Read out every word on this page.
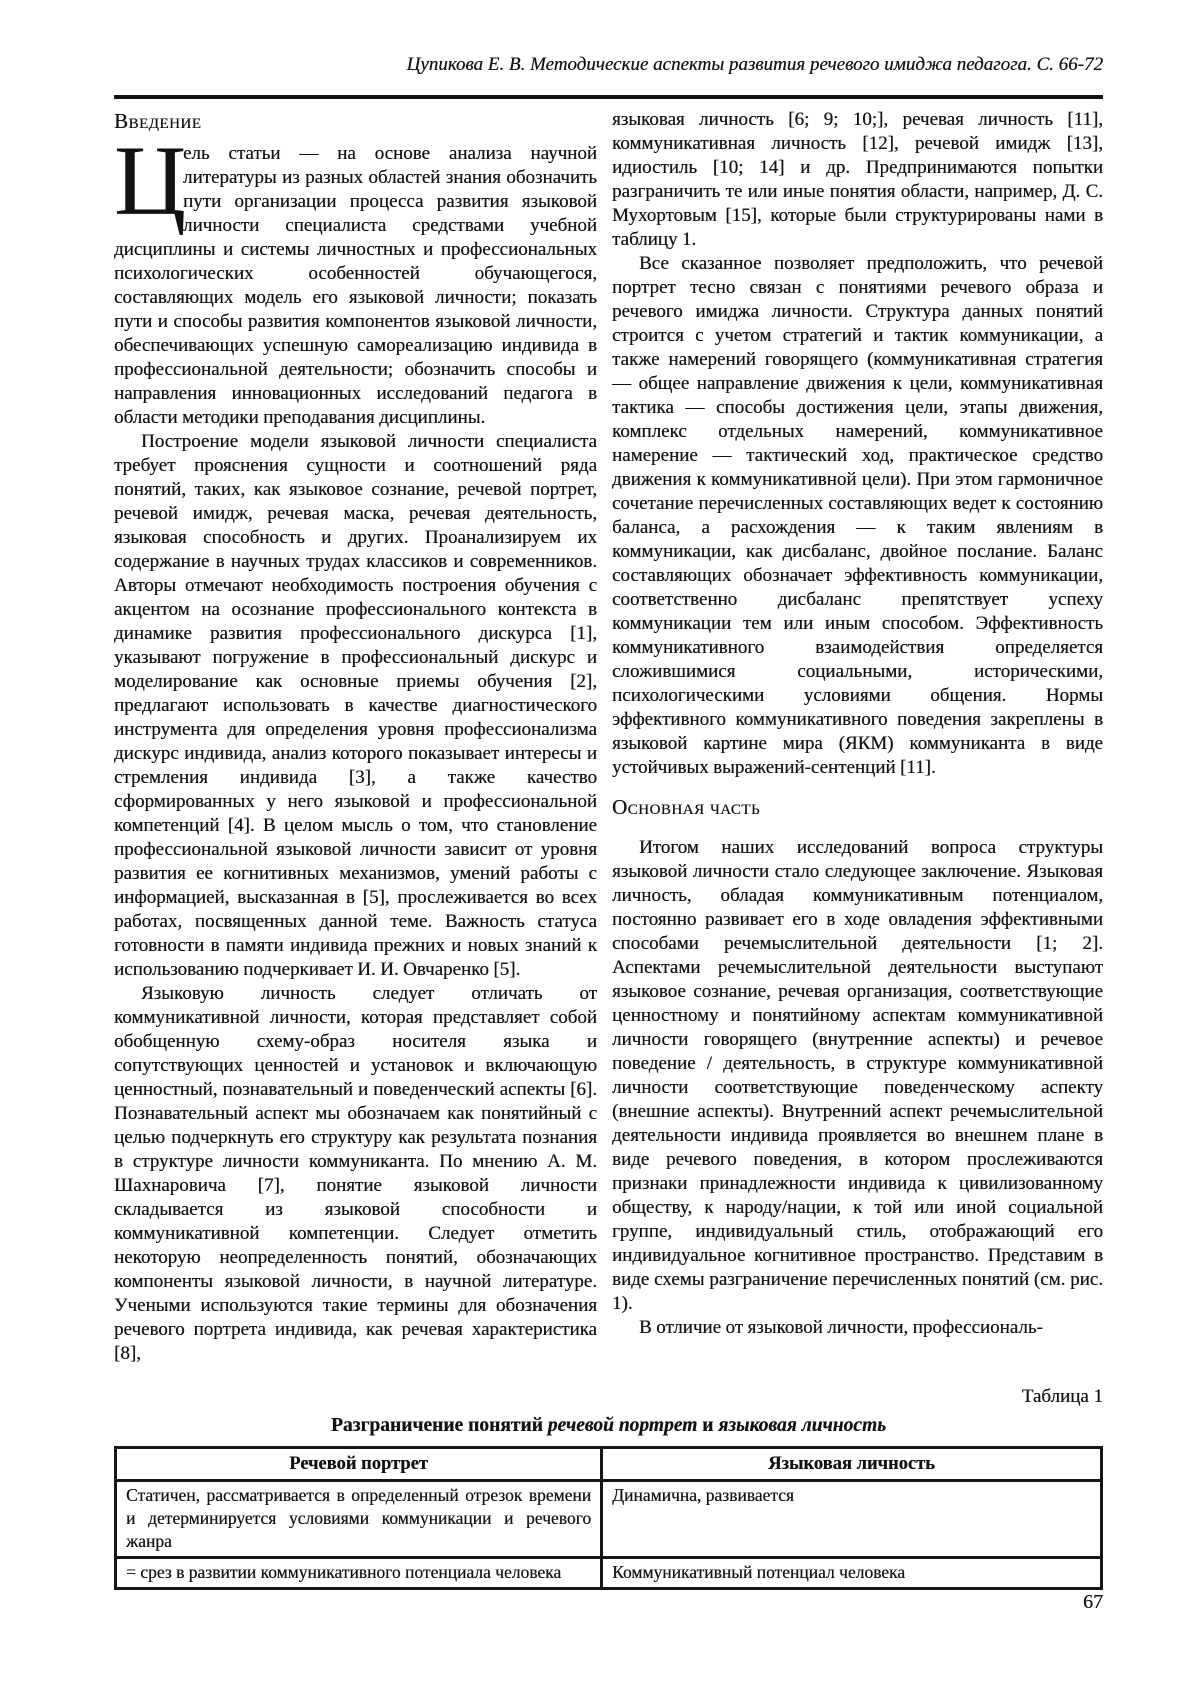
Цупикова Е. В. Методические аспекты развития речевого имиджа педагога. С. 66-72
Введение

Ц
ель статьи — на основе анализа научной литературы из разных областей знания обозначить пути организации процесса развития языковой личности специалиста средствами учебной дисциплины и системы личностных и профессиональных психологических особенностей обучающегося, составляющих модель его языковой личности; показать пути и способы развития компонентов языковой личности, обеспечивающих успешную самореализацию индивида в профессиональной деятельности; обозначить способы и направления инновационных исследований педагога в области методики преподавания дисциплины.

Построение модели языковой личности специалиста требует прояснения сущности и соотношений ряда понятий, таких, как языковое сознание, речевой портрет, речевой имидж, речевая маска, речевая деятельность, языковая способность и других. Проанализируем их содержание в научных трудах классиков и современников. Авторы отмечают необходимость построения обучения с акцентом на осознание профессионального контекста в динамике развития профессионального дискурса [1], указывают погружение в профессиональный дискурс и моделирование как основные приемы обучения [2], предлагают использовать в качестве диагностического инструмента для определения уровня профессионализма дискурс индивида, анализ которого показывает интересы и стремления индивида [3], а также качество сформированных у него языковой и профессиональной компетенций [4]. В целом мысль о том, что становление профессиональной языковой личности зависит от уровня развития ее когнитивных механизмов, умений работы с информацией, высказанная в [5], прослеживается во всех работах, посвященных данной теме. Важность статуса готовности в памяти индивида прежних и новых знаний к использованию подчеркивает И. И. Овчаренко [5].

Языковую личность следует отличать от коммуникативной личности, которая представляет собой обобщенную схему-образ носителя языка и сопутствующих ценностей и установок и включающую ценностный, познавательный и поведенческий аспекты [6]. Познавательный аспект мы обозначаем как понятийный с целью подчеркнуть его структуру как результата познания в структуре личности коммуниканта. По мнению А. М. Шахнаровича [7], понятие языковой личности складывается из языковой способности и коммуникативной компетенции. Следует отметить некоторую неопределенность понятий, обозначающих компоненты языковой личности, в научной литературе. Учеными используются такие термины для обозначения речевого портрета индивида, как речевая характеристика [8],

языковая личность [6; 9; 10;], речевая личность [11], коммуникативная личность [12], речевой имидж [13], идиостиль [10; 14] и др. Предпринимаются попытки разграничить те или иные понятия области, например, Д. С. Мухортовым [15], которые были структурированы нами в таблицу 1.

Все сказанное позволяет предположить, что речевой портрет тесно связан с понятиями речевого образа и речевого имиджа личности. Структура данных понятий строится с учетом стратегий и тактик коммуникации, а также намерений говорящего (коммуникативная стратегия — общее направление движения к цели, коммуникативная тактика — способы достижения цели, этапы движения, комплекс отдельных намерений, коммуникативное намерение — тактический ход, практическое средство движения к коммуникативной цели). При этом гармоничное сочетание перечисленных составляющих ведет к состоянию баланса, а расхождения — к таким явлениям в коммуникации, как дисбаланс, двойное послание. Баланс составляющих обозначает эффективность коммуникации, соответственно дисбаланс препятствует успеху коммуникации тем или иным способом. Эффективность коммуникативного взаимодействия определяется сложившимися социальными, историческими, психологическими условиями общения. Нормы эффективного коммуникативного поведения закреплены в языковой картине мира (ЯКМ) коммуниканта в виде устойчивых выражений-сентенций [11].

Основная часть

Итогом наших исследований вопроса структуры языковой личности стало следующее заключение. Языковая личность, обладая коммуникативным потенциалом, постоянно развивает его в ходе овладения эффективными способами речемыслительной деятельности [1; 2]. Аспектами речемыслительной деятельности выступают языковое сознание, речевая организация, соответствующие ценностному и понятийному аспектам коммуникативной личности говорящего (внутренние аспекты) и речевое поведение / деятельность, в структуре коммуникативной личности соответствующие поведенческому аспекту (внешние аспекты). Внутренний аспект речемыслительной деятельности индивида проявляется во внешнем плане в виде речевого поведения, в котором прослеживаются признаки принадлежности индивида к цивилизованному обществу, к народу/нации, к той или иной социальной группе, индивидуальный стиль, отображающий его индивидуальное когнитивное пространство. Представим в виде схемы разграничение перечисленных понятий (см. рис. 1).

В отличие от языковой личности, профессиональ-

Таблица 1
Разграничение понятий речевой портрет и языковая личность
Речевой портрет	Языковая личность
Статичен, рассматривается в определенный отрезок времени и детерминируется условиями коммуникации и речевого жанра	Динамична, развивается
= срез в развитии коммуникативного потенциала человека	Коммуникативный потенциал человека
67
